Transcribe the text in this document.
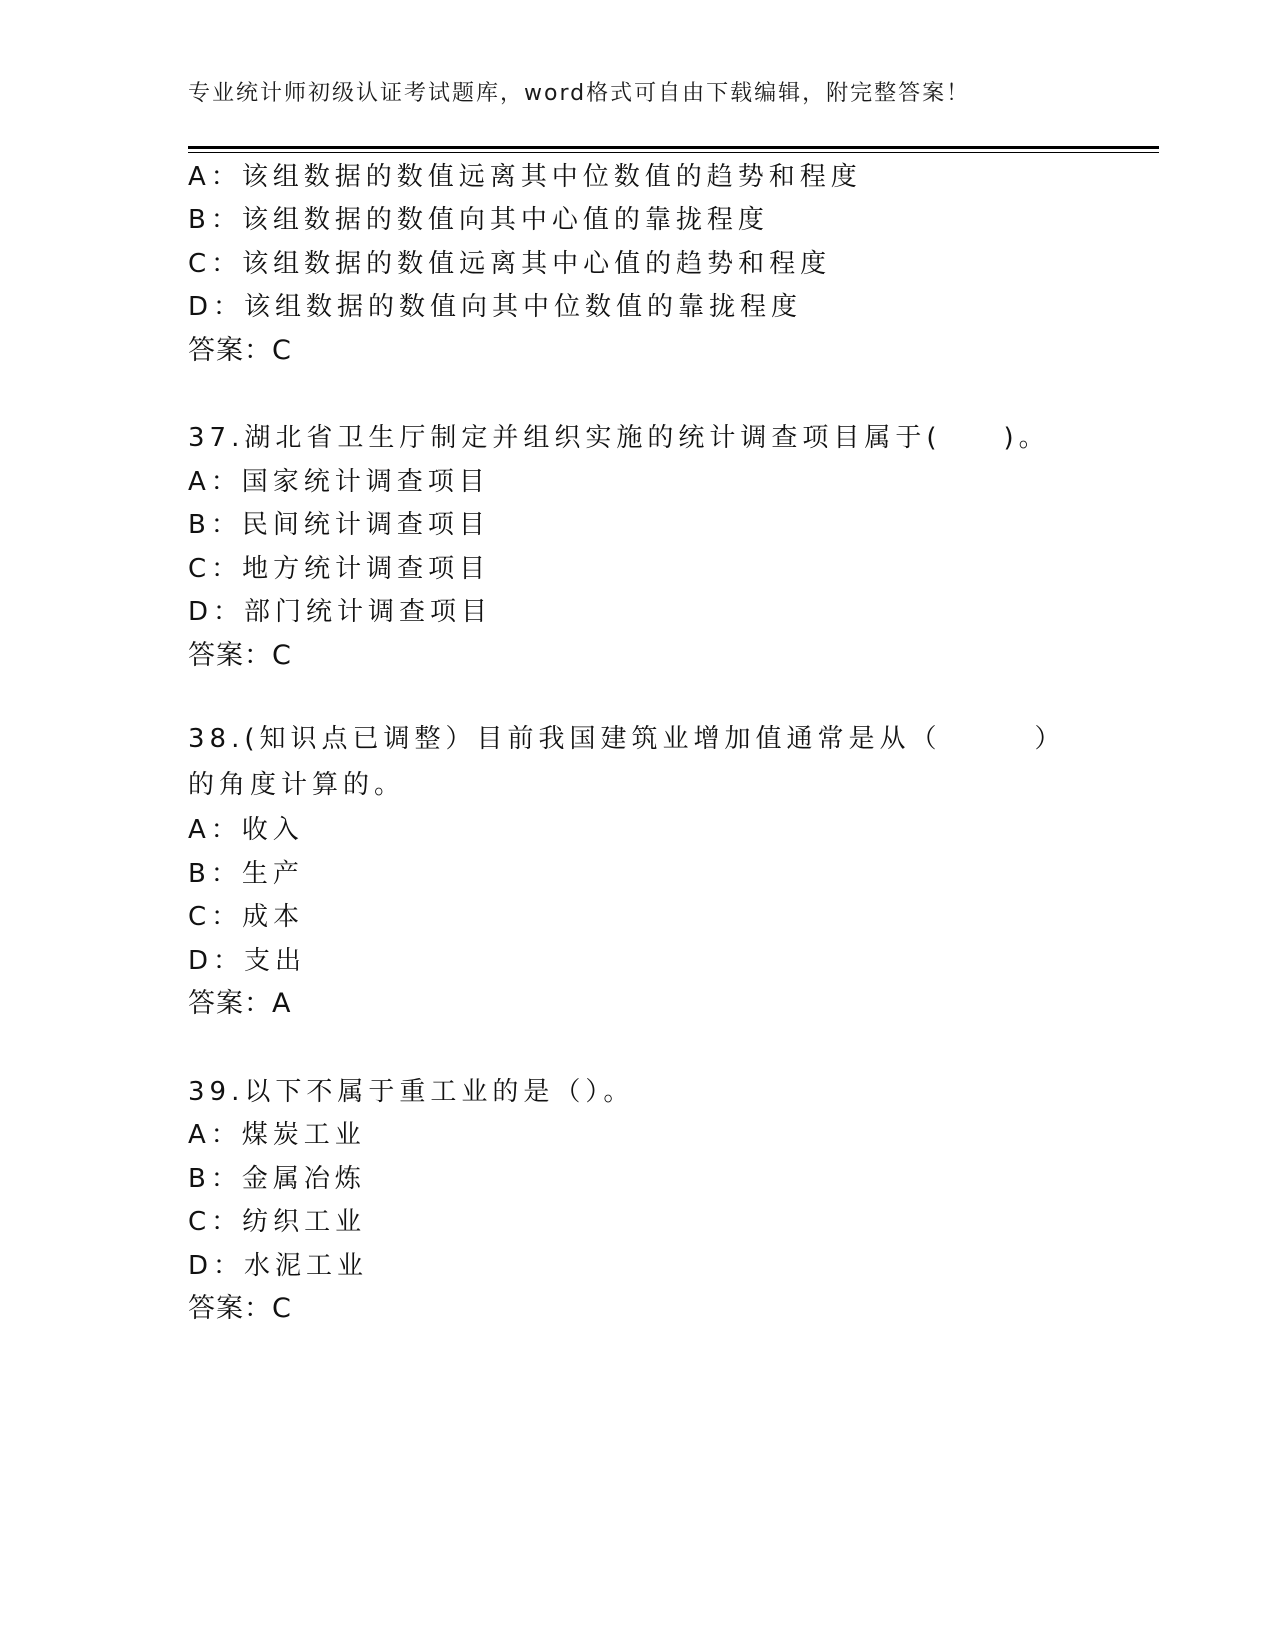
专业统计师初级认证考试题库，word格式可自由下载编辑，附完整答案！
A：该组数据的数值远离其中位数值的趋势和程度
B：该组数据的数值向其中心值的靠拢程度
C：该组数据的数值远离其中心值的趋势和程度
D：该组数据的数值向其中位数值的靠拢程度
答案：C
37.湖北省卫生厅制定并组织实施的统计调查项目属于(　　)。
A：国家统计调查项目
B：民间统计调查项目
C：地方统计调查项目
D：部门统计调查项目
答案：C
38.(知识点已调整）目前我国建筑业增加值通常是从（　　　）的角度计算的。
A：收入
B：生产
C：成本
D：支出
答案：A
39.以下不属于重工业的是（）。
A：煤炭工业
B：金属冶炼
C：纺织工业
D：水泥工业
答案：C
